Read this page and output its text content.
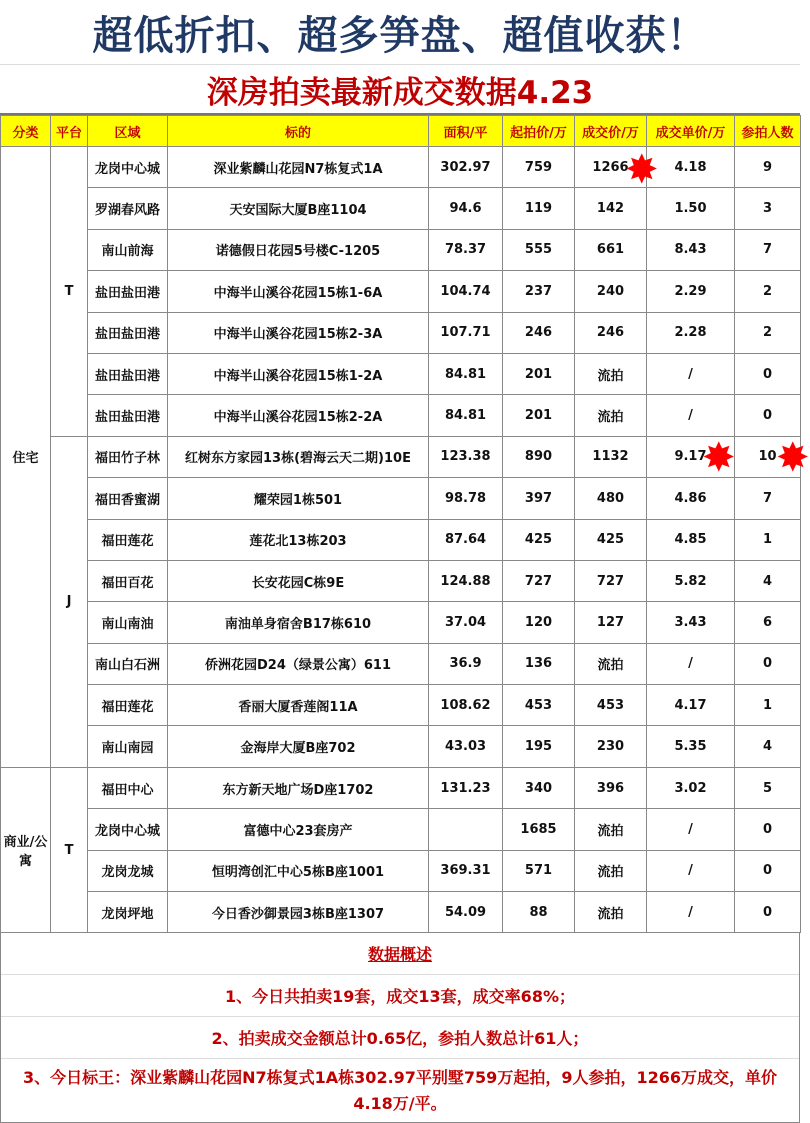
超低折扣、超多笋盘、超值收获！
深房拍卖最新成交数据4.23
分类	平台	区域	标的	面积/平	起拍价/万	成交价/万	成交单价/万	参拍人数
住宅	T	龙岗中心城	深业紫麟山花园N7栋复式1A	302.97	759	1266	4.18	9
		罗湖春风路	天安国际大厦B座1104	94.6	119	142	1.50	3
		南山前海	诺德假日花园5号楼C-1205	78.37	555	661	8.43	7
		盐田盐田港	中海半山溪谷花园15栋1-6A	104.74	237	240	2.29	2
		盐田盐田港	中海半山溪谷花园15栋2-3A	107.71	246	246	2.28	2
		盐田盐田港	中海半山溪谷花园15栋1-2A	84.81	201	流拍	/	0
		盐田盐田港	中海半山溪谷花园15栋2-2A	84.81	201	流拍	/	0
	J	福田竹子林	红树东方家园13栋(碧海云天二期)10E	123.38	890	1132	9.17	10
		福田香蜜湖	耀荣园1栋501	98.78	397	480	4.86	7
		福田莲花	莲花北13栋203	87.64	425	425	4.85	1
		福田百花	长安花园C栋9E	124.88	727	727	5.82	4
		南山南油	南油单身宿舍B17栋610	37.04	120	127	3.43	6
		南山白石洲	侨洲花园D24（绿景公寓）611	36.9	136	流拍	/	0
		福田莲花	香丽大厦香莲阁11A	108.62	453	453	4.17	1
		南山南园	金海岸大厦B座702	43.03	195	230	5.35	4
商业/公寓	T	福田中心	东方新天地广场D座1702	131.23	340	396	3.02	5
		龙岗中心城	富德中心23套房产		1685	流拍	/	0
		龙岗龙城	恒明湾创汇中心5栋B座1001	369.31	571	流拍	/	0
		龙岗坪地	今日香沙御景园3栋B座1307	54.09	88	流拍	/	0
数据概述
1、今日共拍卖19套，成交13套，成交率68%；
2、拍卖成交金额总计0.65亿，参拍人数总计61人；
3、今日标王：深业紫麟山花园N7栋复式1A栋302.97平别墅759万起拍，9人参拍，1266万成交，单价4.18万/平。
✸
✸ ✸
